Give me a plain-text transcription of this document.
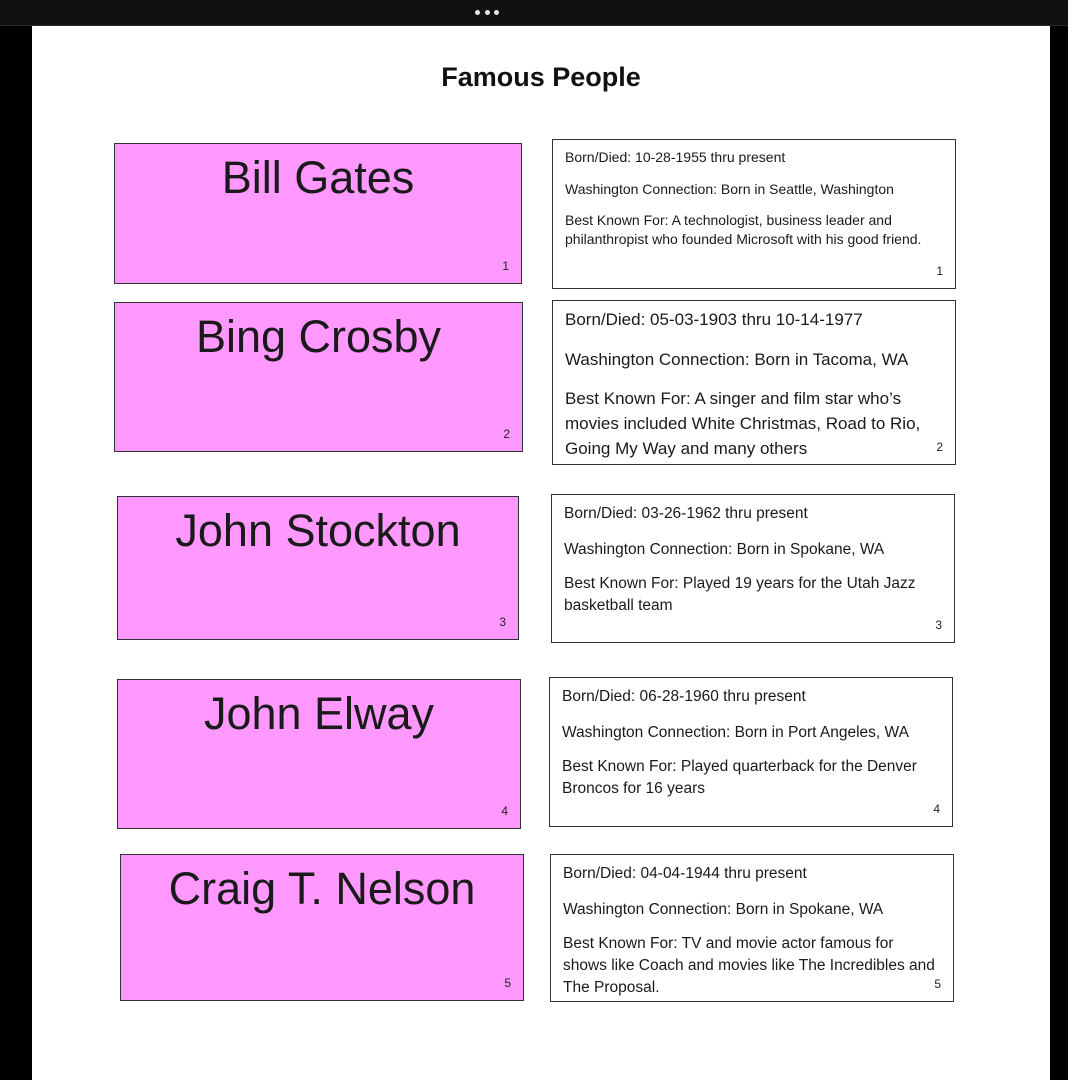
Famous People
Bill Gates
1

Born/Died: 10-28-1955 thru present

Washington Connection: Born in Seattle, Washington

Best Known For: A technologist, business leader and philanthropist who founded Microsoft with his good friend.

1
Bing Crosby
2

Born/Died: 05-03-1903 thru 10-14-1977

Washington Connection: Born in Tacoma, WA

Best Known For: A singer and film star who’s movies included White Christmas, Road to Rio, Going My Way and many others	2
John Stockton
3

Born/Died: 03-26-1962 thru present

Washington Connection: Born in Spokane, WA

Best Known For: Played 19 years for the Utah Jazz basketball team

3
John Elway
4

Born/Died: 06-28-1960 thru present

Washington Connection: Born in Port Angeles, WA

Best Known For: Played quarterback for the Denver Broncos for 16 years

4
Craig T. Nelson
5

Born/Died: 04-04-1944 thru present

Washington Connection: Born in Spokane, WA

Best Known For: TV and movie actor famous for shows like Coach and movies like The Incredibles and The Proposal.	5
